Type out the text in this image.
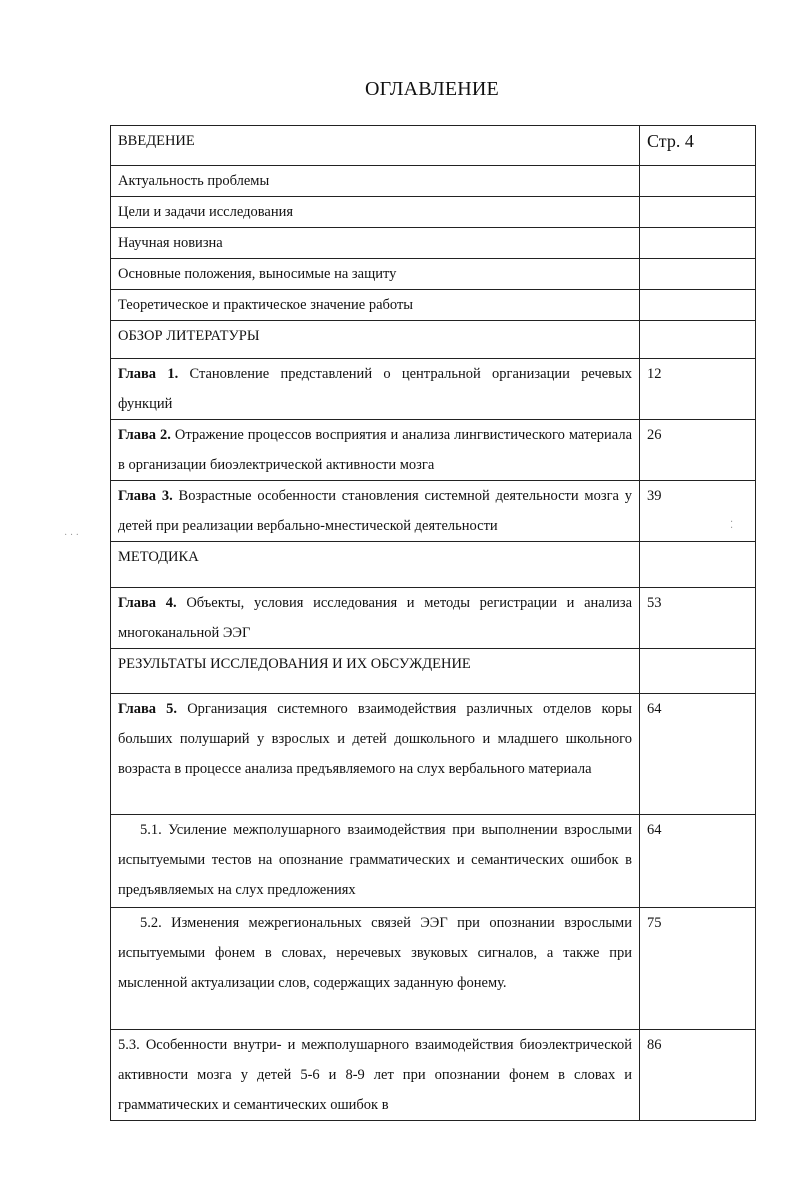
ОГЛАВЛЕНИЕ
ВВЕДЕНИЕ	Стр. 4
Актуальность проблемы	
Цели и задачи исследования	
Научная новизна	
Основные положения, выносимые на защиту	
Теоретическое и практическое значение работы	
ОБЗОР ЛИТЕРАТУРЫ	
Глава 1. Становление представлений о центральной организации речевых функций	12
Глава 2. Отражение процессов восприятия и анализа лингвистического материала в организации биоэлектрической активности мозга	26
Глава 3. Возрастные особенности становления системной деятельности мозга у детей при реализации вербально-мнестической деятельности	39
МЕТОДИКА	
Глава 4. Объекты, условия исследования и методы регистрации и анализа многоканальной ЭЭГ	53
РЕЗУЛЬТАТЫ ИССЛЕДОВАНИЯ И ИХ ОБСУЖДЕНИЕ	
Глава 5. Организация системного взаимодействия различных отделов коры больших полушарий у взрослых и детей дошкольного и младшего школьного возраста в процессе анализа предъявляемого на слух вербального материала	64
5.1. Усиление межполушарного взаимодействия при выполнении взрослыми испытуемыми тестов на опознание грамматических и семантических ошибок в предъявляемых на слух предложениях	64
5.2. Изменения межрегиональных связей ЭЭГ при опознании взрослыми испытуемыми фонем в словах, неречевых звуковых сигналов, а также при мысленной актуализации слов, содержащих заданную фонему.	75
5.3. Особенности внутри- и межполушарного взаимодействия биоэлектрической активности мозга у детей 5-6 и 8-9 лет при опознании фонем в словах и грамматических и семантических ошибок в	86
⁚
· · ·
